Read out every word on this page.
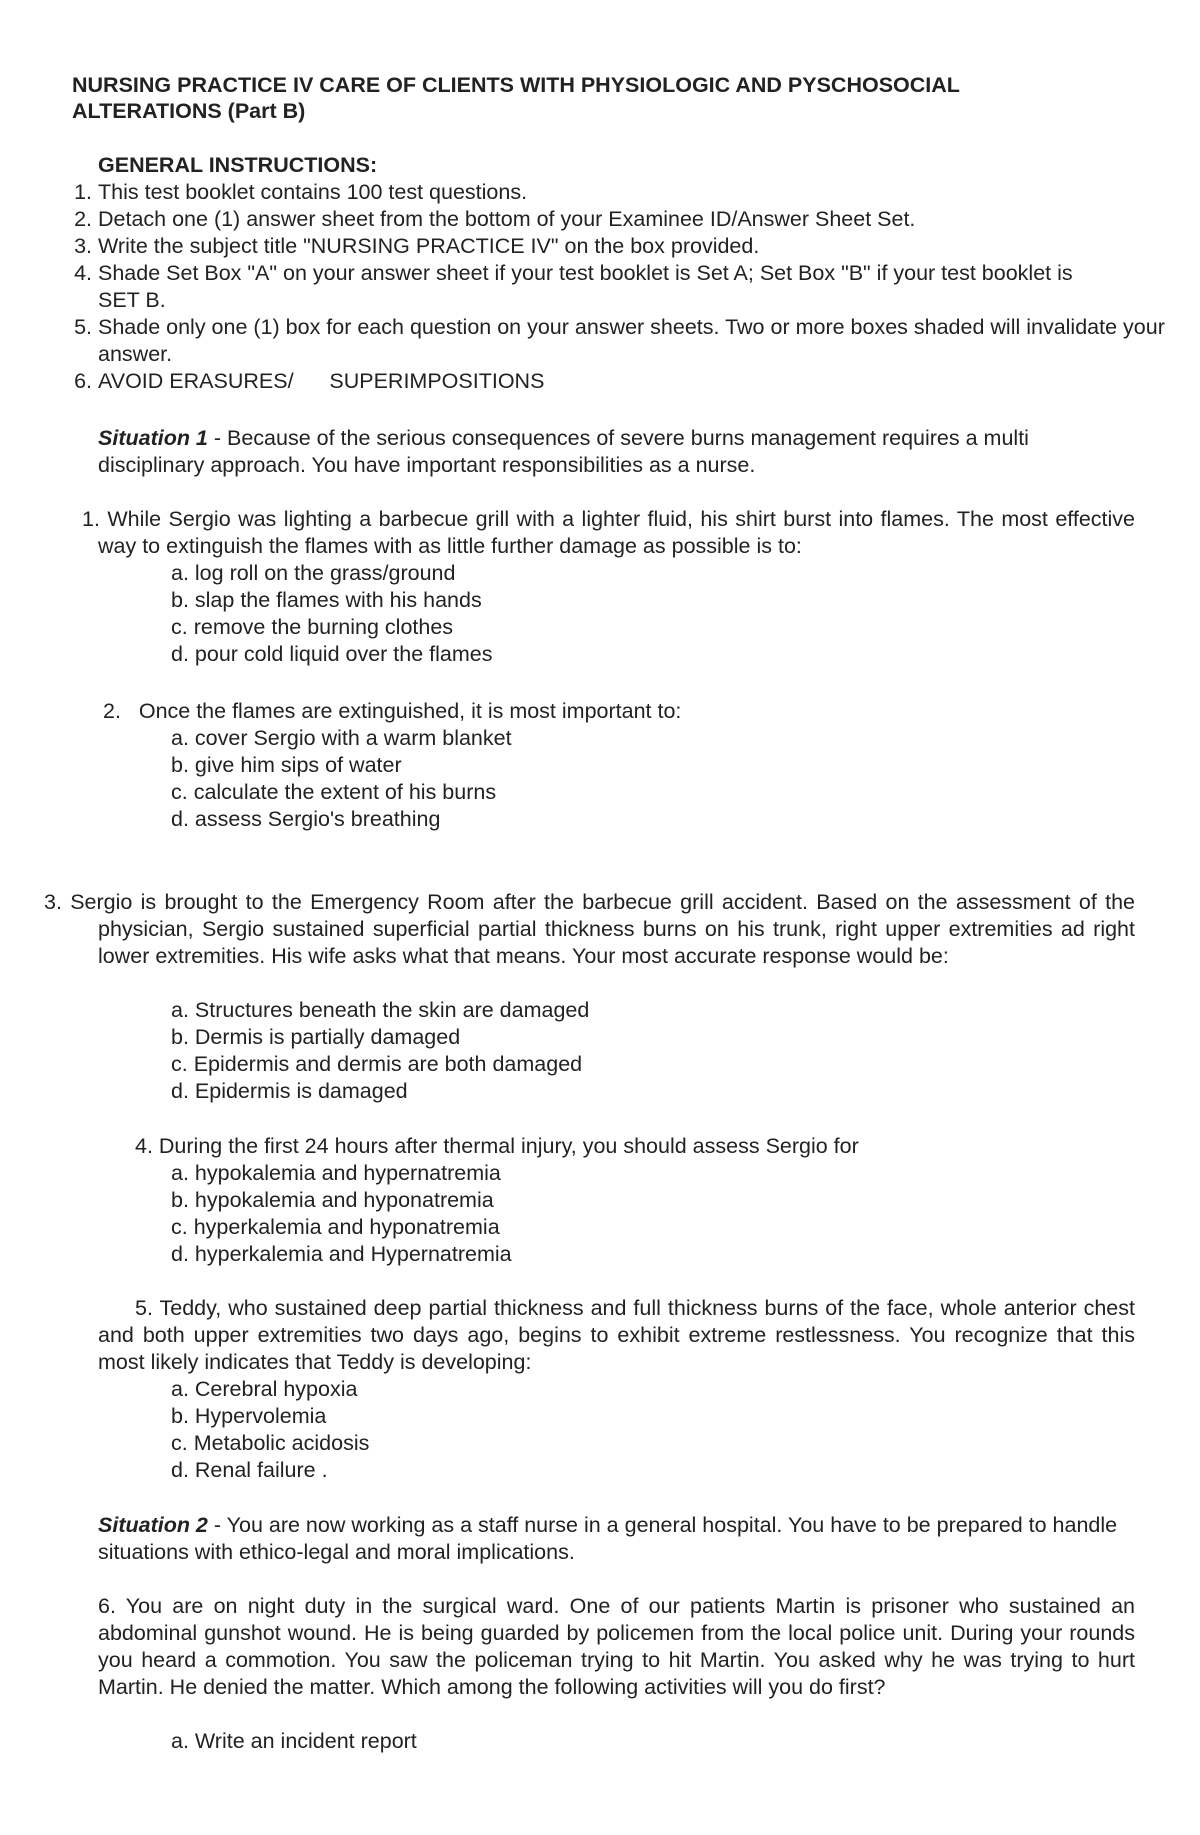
NURSING PRACTICE IV CARE OF CLIENTS WITH PHYSIOLOGIC AND PYSCHOSOCIAL ALTERATIONS (Part B)
GENERAL INSTRUCTIONS:
1. This test booklet contains 100 test questions.
2. Detach one (1) answer sheet from the bottom of your Examinee ID/Answer Sheet Set.
3. Write the subject title "NURSING PRACTICE IV" on the box provided.
4. Shade Set Box "A" on your answer sheet if your test booklet is Set A; Set Box "B" if your test booklet is SET B.
5. Shade only one (1) box for each question on your answer sheets. Two or more boxes shaded will invalidate your answer.
6. AVOID ERASURES/      SUPERIMPOSITIONS
Situation 1 - Because of the serious consequences of severe burns management requires a multi disciplinary approach. You have important responsibilities as a nurse.
1. While Sergio was lighting a barbecue grill with a lighter fluid, his shirt burst into flames. The most effective way to extinguish the flames with as little further damage as possible is to:
a. log roll on the grass/ground
b. slap the flames with his hands
c. remove the burning clothes
d. pour cold liquid over the flames
2.   Once the flames are extinguished, it is most important to:
a. cover Sergio with a warm blanket
b. give him sips of water
c. calculate the extent of his burns
d. assess Sergio's breathing
3. Sergio is brought to the Emergency Room after the barbecue grill accident. Based on the assessment of the physician, Sergio sustained superficial partial thickness burns on his trunk, right upper extremities ad right lower extremities. His wife asks what that means. Your most accurate response would be:
a. Structures beneath the skin are damaged
b. Dermis is partially damaged
c. Epidermis and dermis are both damaged
d. Epidermis is damaged
4. During the first 24 hours after thermal injury, you should assess Sergio for
a. hypokalemia and hypernatremia
b. hypokalemia and hyponatremia
c. hyperkalemia and hyponatremia
d. hyperkalemia and Hypernatremia
5. Teddy, who sustained deep partial thickness and full thickness burns of the face, whole anterior chest and both upper extremities two days ago, begins to exhibit extreme restlessness. You recognize that this most likely indicates that Teddy is developing:
a. Cerebral hypoxia
b. Hypervolemia
c. Metabolic acidosis
d. Renal failure .
Situation 2 - You are now working as a staff nurse in a general hospital. You have to be prepared to handle situations with ethico-legal and moral implications.
6. You are on night duty in the surgical ward. One of our patients Martin is prisoner who sustained an abdominal gunshot wound. He is being guarded by policemen from the local police unit. During your rounds you heard a commotion. You saw the policeman trying to hit Martin. You asked why he was trying to hurt Martin. He denied the matter. Which among the following activities will you do first?
a. Write an incident report
